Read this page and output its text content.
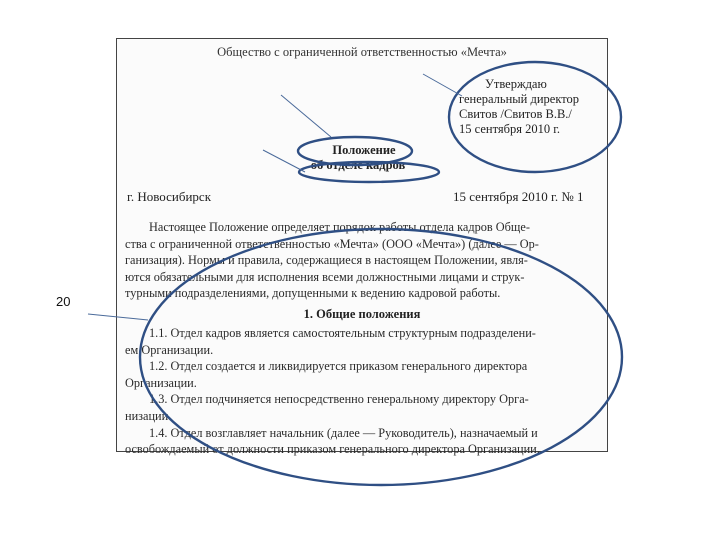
20
Общество с ограниченной ответственностью «Мечта»
Утверждаю
генеральный директор
Свитов /Свитов В.В./
15 сентября 2010 г.
Положение
об отделе кадров
г. Новосибирск	15 сентября 2010 г. № 1
Настоящее Положение определяет порядок работы отдела кадров Обще-
ства с ограниченной ответственностью «Мечта» (ООО «Мечта») (далее — Ор-
ганизация). Нормы и правила, содержащиеся в настоящем Положении, явля-
ются обязательными для исполнения всеми должностными лицами и струк-
турными подразделениями, допущенными к ведению кадровой работы.
1. Общие положения
1.1. Отдел кадров является самостоятельным структурным подразделени-
ем Организации.
1.2. Отдел создается и ликвидируется приказом генерального директора
Организации.
1.3. Отдел подчиняется непосредственно генеральному директору Орга-
низации.
1.4. Отдел возглавляет начальник (далее — Руководитель), назначаемый и
освобождаемый от должности приказом генерального директора Организации.
